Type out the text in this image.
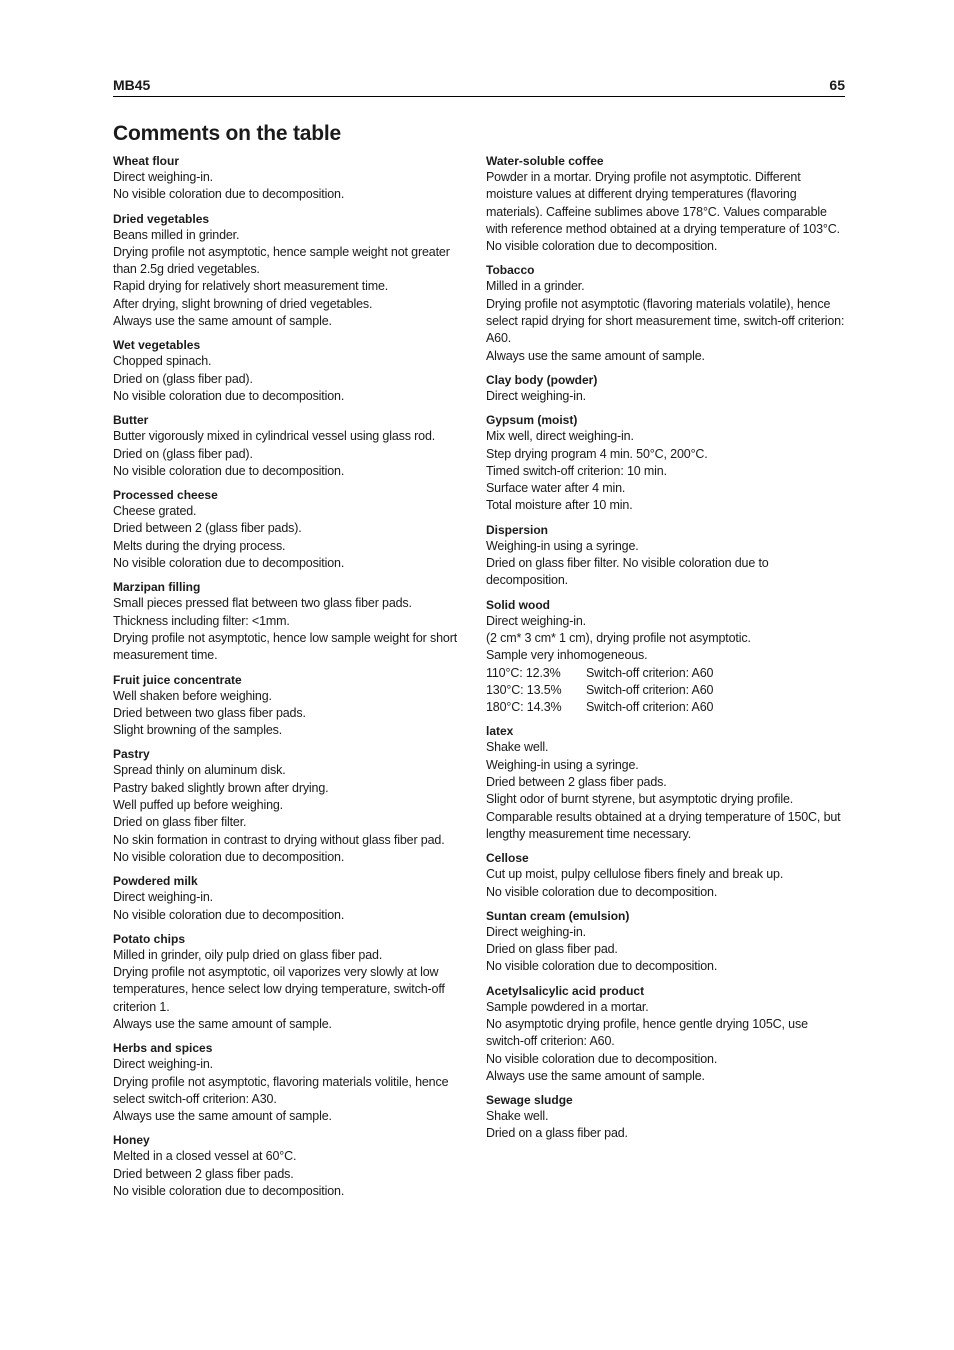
MB45	65
Comments on the table
Wheat flour
Direct weighing-in.
No visible coloration due to decomposition.
Dried vegetables
Beans milled in grinder.
Drying profile not asymptotic, hence sample weight not greater than 2.5g dried vegetables.
Rapid drying for relatively short measurement time.
After drying, slight browning of dried vegetables.
Always use the same amount of sample.
Wet vegetables
Chopped spinach.
Dried on (glass fiber pad).
No visible coloration due to decomposition.
Butter
Butter vigorously mixed in cylindrical vessel using glass rod.
Dried on (glass fiber pad).
No visible coloration due to decomposition.
Processed cheese
Cheese grated.
Dried between 2 (glass fiber pads).
Melts during the drying process.
No visible coloration due to decomposition.
Marzipan filling
Small pieces pressed flat between two glass fiber pads.
Thickness including filter: <1mm.
Drying profile not asymptotic, hence low sample weight for short measurement time.
Fruit juice concentrate
Well shaken before weighing.
Dried between two glass fiber pads.
Slight browning of the samples.
Pastry
Spread thinly on aluminum disk.
Pastry baked slightly brown after drying.
Well puffed up before weighing.
Dried on glass fiber filter.
No skin formation in contrast to drying without glass fiber pad.
No visible coloration due to decomposition.
Powdered milk
Direct weighing-in.
No visible coloration due to decomposition.
Potato chips
Milled in grinder, oily pulp dried on glass fiber pad.
Drying profile not asymptotic, oil vaporizes very slowly at low temperatures, hence select low drying temperature, switch-off criterion 1.
Always use the same amount of sample.
Herbs and spices
Direct weighing-in.
Drying profile not asymptotic, flavoring materials volitile, hence select switch-off criterion: A30.
Always use the same amount of sample.
Honey
Melted in a closed vessel at 60°C.
Dried between 2 glass fiber pads.
No visible coloration due to decomposition.
Water-soluble coffee
Powder in a mortar. Drying profile not asymptotic. Different moisture values at different drying temperatures (flavoring materials). Caffeine sublimes above 178°C. Values comparable with reference method obtained at a drying temperature of 103°C.
No visible coloration due to decomposition.
Tobacco
Milled in a grinder.
Drying profile not asymptotic (flavoring materials volatile), hence select rapid drying for short measurement time, switch-off criterion: A60.
Always use the same amount of sample.
Clay body (powder)
Direct weighing-in.
Gypsum (moist)
Mix well, direct weighing-in.
Step drying program 4 min. 50°C, 200°C.
Timed switch-off criterion: 10 min.
Surface water after 4 min.
Total moisture after 10 min.
Dispersion
Weighing-in using a syringe.
Dried on glass fiber filter. No visible coloration due to decomposition.
Solid wood
Direct weighing-in.
(2 cm* 3 cm* 1 cm), drying profile not asymptotic.
Sample very inhomogeneous.
110°C: 12.3%	Switch-off criterion: A60
130°C: 13.5%	Switch-off criterion: A60
180°C: 14.3%	Switch-off criterion: A60
latex
Shake well.
Weighing-in using a syringe.
Dried between 2 glass fiber pads.
Slight odor of burnt styrene, but asymptotic drying profile.
Comparable results obtained at a drying temperature of 150C, but lengthy measurement time necessary.
Cellose
Cut up moist, pulpy cellulose fibers finely and break up.
No visible coloration due to decomposition.
Suntan cream (emulsion)
Direct weighing-in.
Dried on glass fiber pad.
No visible coloration due to decomposition.
Acetylsalicylic acid product
Sample powdered in a mortar.
No asymptotic drying profile, hence gentle drying 105C, use switch-off criterion: A60.
No visible coloration due to decomposition.
Always use the same amount of sample.
Sewage sludge
Shake well.
Dried on a glass fiber pad.
